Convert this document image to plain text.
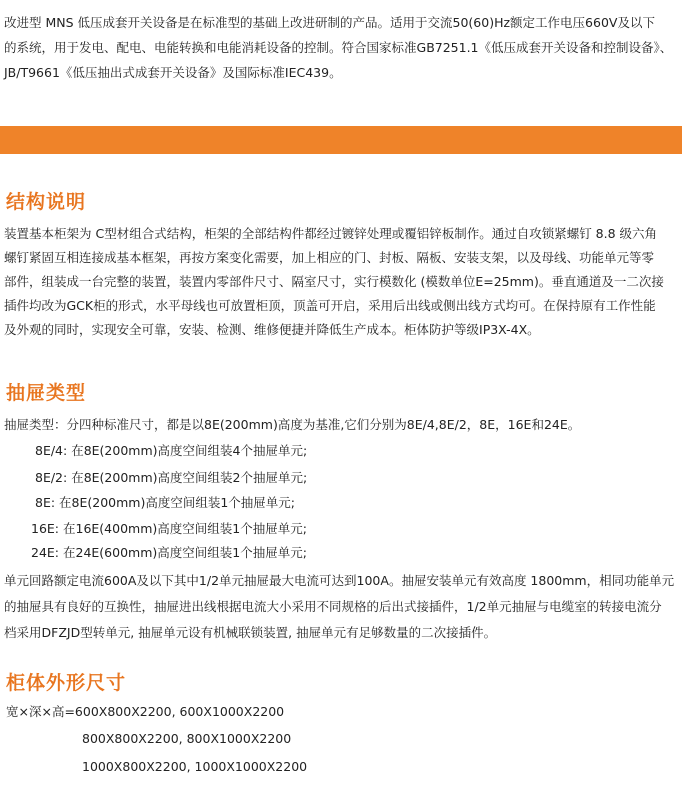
改进型 MNS 低压成套开关设备是在标准型的基础上改进研制的产品。适用于交流50(60)Hz额定工作电压660V及以下

的系统，用于发电、配电、电能转换和电能消耗设备的控制。符合国家标准GB7251.1《低压成套开关设备和控制设备》、

JB/T9661《低压抽出式成套开关设备》及国际标准IEC439。

结构说明
装置基本柜架为 C型材组合式结构，柜架的全部结构件都经过镀锌处理或覆铝锌板制作。通过自攻锁紧螺钉 8.8 级六角
螺钉紧固互相连接成基本框架，再按方案变化需要，加上相应的门、封板、隔板、安装支架，以及母线、功能单元等零
部件，组装成一台完整的装置，装置内零部件尺寸、隔室尺寸，实行模数化 (模数单位E=25mm)。垂直通道及一二次接
插件均改为GCK柜的形式，水平母线也可放置柜顶，顶盖可开启，采用后出线或侧出线方式均可。在保持原有工作性能
及外观的同时，实现安全可靠，安装、检测、维修便捷并降低生产成本。柜体防护等级IP3X-4X。
抽屉类型
抽屉类型：分四种标准尺寸，都是以8E(200mm)高度为基准,它们分别为8E/4,8E/2，8E，16E和24E。
8E/4: 在8E(200mm)高度空间组装4个抽屉单元;
8E/2: 在8E(200mm)高度空间组装2个抽屉单元;
8E: 在8E(200mm)高度空间组装1个抽屉单元;
16E: 在16E(400mm)高度空间组装1个抽屉单元;
24E: 在24E(600mm)高度空间组装1个抽屉单元;
单元回路额定电流600A及以下其中1/2单元抽屉最大电流可达到100A。抽屉安装单元有效高度 1800mm，相同功能单元
的抽屉具有良好的互换性，抽屉进出线根据电流大小采用不同规格的后出式接插件，1/2单元抽屉与电缆室的转接电流分
档采用DFZJD型转单元, 抽屉单元设有机械联锁装置, 抽屉单元有足够数量的二次接插件。
柜体外形尺寸
宽×深×高=600X800X2200, 600X1000X2200
800X800X2200, 800X1000X2200
1000X800X2200, 1000X1000X2200
